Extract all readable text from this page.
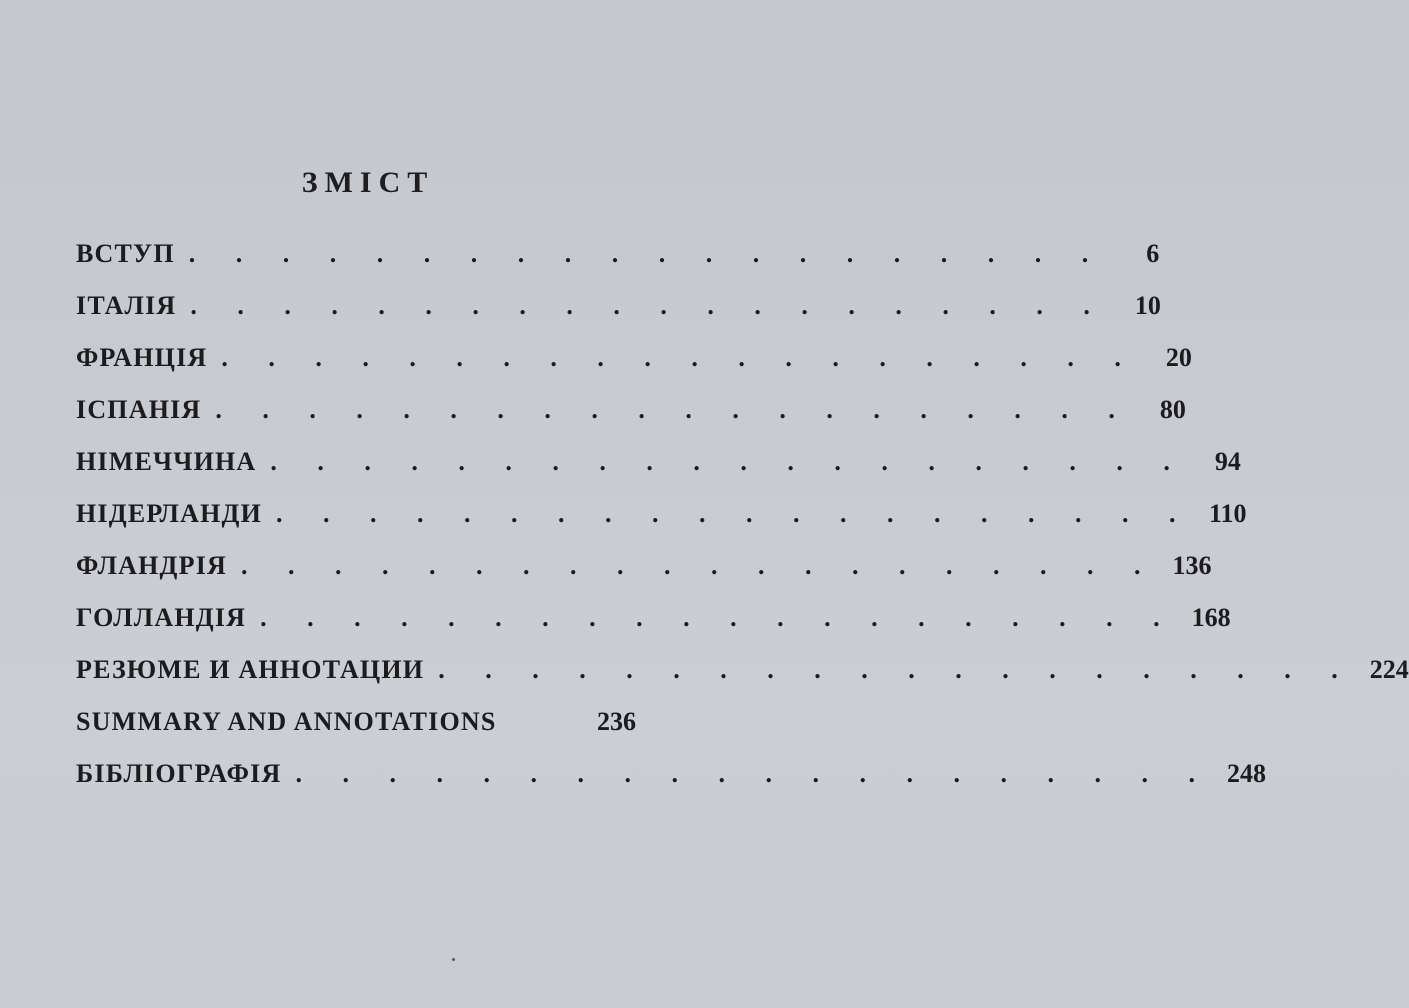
ЗМІСТ
ВСТУП . . . . . . . . . . . . . . . . . . . .	6
ІТАЛІЯ . . . . . . . . . . . . . . . . . . . .	10
ФРАНЦІЯ . . . . . . . . . . . . . . . . . . . .	20
ІСПАНІЯ . . . . . . . . . . . . . . . . . . . .	80
НІМЕЧЧИНА . . . . . . . . . . . . . . . . . . . .	94
НІДЕРЛАНДИ . . . . . . . . . . . . . . . . . . . . 110
ФЛАНДРІЯ . . . . . . . . . . . . . . . . . . . . 136
ГОЛЛАНДІЯ . . . . . . . . . . . . . . . . . . . . 168
РЕЗЮМЕ И АННОТАЦИИ . . . . . . . . . . . . . . . . . . . . 224
SUMMARY AND ANNOTATIONS	236
БІБЛІОГРАФІЯ . . . . . . . . . . . . . . . . . . . . 248
